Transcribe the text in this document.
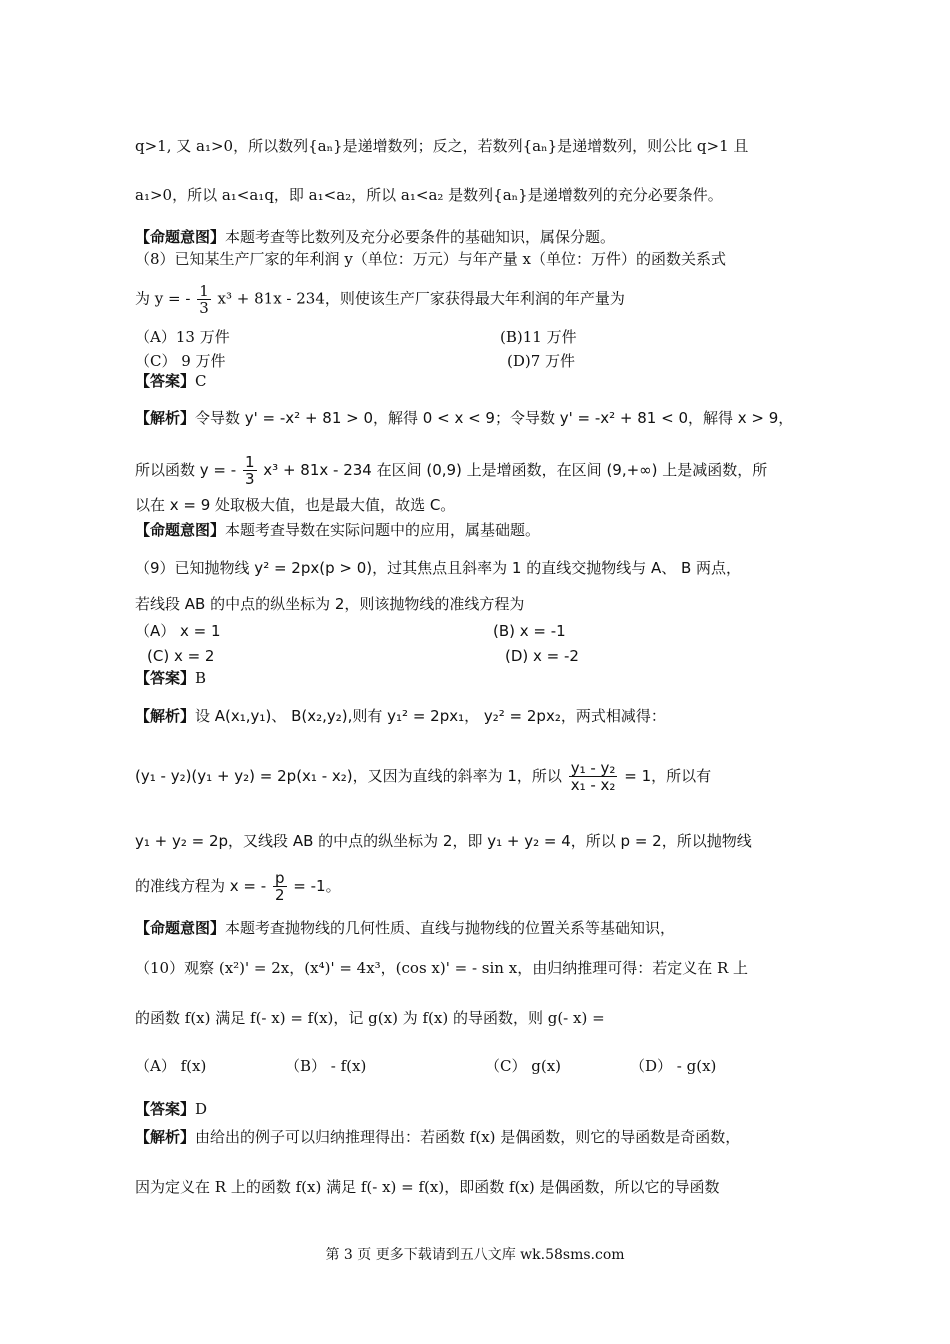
q>1, 又 a₁>0，所以数列{aₙ}是递增数列；反之，若数列{aₙ}是递增数列，则公比 q>1 且
a₁>0，所以 a₁<a₁q，即 a₁<a₂，所以 a₁<a₂ 是数列{aₙ}是递增数列的充分必要条件。
【命题意图】本题考查等比数列及充分必要条件的基础知识，属保分题。
（8）已知某生产厂家的年利润 y（单位：万元）与年产量 x（单位：万件）的函数关系式
为 y = - $\frac{1}{3} x^3 + 81x - 234$，则使该生产厂家获得最大年利润的年产量为
（A）13 万件	(B)11 万件
（C） 9 万件	(D)7 万件
【答案】C
【解析】令导数 y' = -x² + 81 > 0，解得 0 < x < 9；令导数 y' = -x² + 81 < 0，解得 x > 9，
所以函数 y = - $\frac{1}{3} x^3 + 81x - 234$ 在区间 (0,9) 上是增函数，在区间 (9,+∞) 上是减函数，所
以在 x = 9 处取极大值，也是最大值，故选 C。
【命题意图】本题考查导数在实际问题中的应用，属基础题。
（9）已知抛物线 y² = 2px(p > 0)，过其焦点且斜率为 1 的直线交抛物线与 A、 B 两点，
若线段 AB 的中点的纵坐标为 2，则该抛物线的准线方程为
（A） x = 1	(B) x = -1
(C) x = 2	(D) x = -2
【答案】B
【解析】设 A(x₁,y₁)、 B(x₂,y₂),则有 y₁² = 2px₁， y₂² = 2px₂，两式相减得：
(y₁ - y₂)(y₁ + y₂) = 2p(x₁ - x₂)，又因为直线的斜率为 1，所以 $\frac{\text{y₁ - y₂}}{\text{x₁ - x₂}} = 1$，所以有
y₁ + y₂ = 2p，又线段 AB 的中点的纵坐标为 2，即 y₁ + y₂ = 4，所以 p = 2，所以抛物线
的准线方程为 x = - $\frac{p}{2} = -1$。
【命题意图】本题考查抛物线的几何性质、直线与抛物线的位置关系等基础知识，
（10）观察 (x²)' = 2x，(x⁴)' = 4x³，(cos x)' = - sin x，由归纳推理可得：若定义在 R 上
的函数 f(x) 满足 f(- x) = f(x)，记 g(x) 为 f(x) 的导函数，则 g(- x) =
（A） f(x)	（B） - f(x)	（C） g(x)	（D） - g(x)
【答案】D
【解析】由给出的例子可以归纳推理得出：若函数 f(x) 是偶函数，则它的导函数是奇函数，
因为定义在 R 上的函数 f(x) 满足 f(- x) = f(x)，即函数 f(x) 是偶函数，所以它的导函数
第 3 页 更多下载请到五八文库 wk.58sms.com
